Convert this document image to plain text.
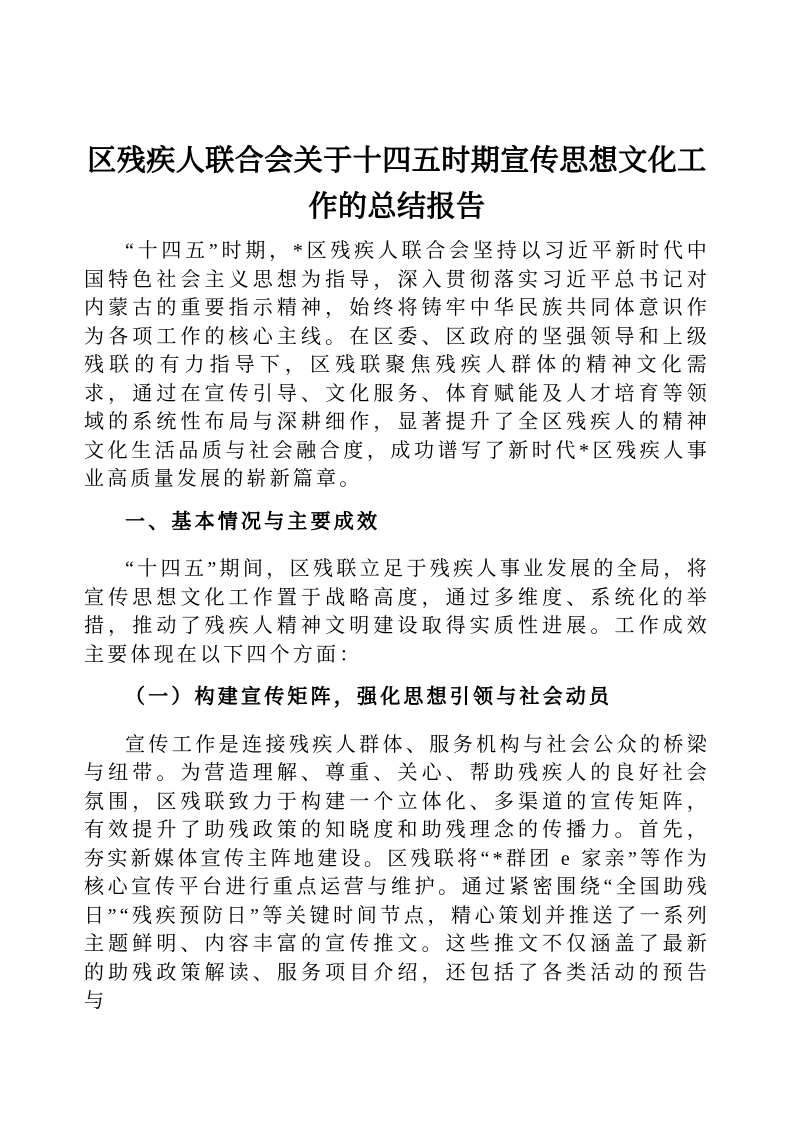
区残疾人联合会关于十四五时期宣传思想文化工作的总结报告

“十四五”时期，*区残疾人联合会坚持以习近平新时代中国特色社会主义思想为指导，深入贯彻落实习近平总书记对内蒙古的重要指示精神，始终将铸牢中华民族共同体意识作为各项工作的核心主线。在区委、区政府的坚强领导和上级残联的有力指导下，区残联聚焦残疾人群体的精神文化需求，通过在宣传引导、文化服务、体育赋能及人才培育等领域的系统性布局与深耕细作，显著提升了全区残疾人的精神文化生活品质与社会融合度，成功谱写了新时代*区残疾人事业高质量发展的崭新篇章。

一、基本情况与主要成效

“十四五”期间，区残联立足于残疾人事业发展的全局，将宣传思想文化工作置于战略高度，通过多维度、系统化的举措，推动了残疾人精神文明建设取得实质性进展。工作成效主要体现在以下四个方面：

（一）构建宣传矩阵，强化思想引领与社会动员

宣传工作是连接残疾人群体、服务机构与社会公众的桥梁与纽带。为营造理解、尊重、关心、帮助残疾人的良好社会氛围，区残联致力于构建一个立体化、多渠道的宣传矩阵，有效提升了助残政策的知晓度和助残理念的传播力。首先，夯实新媒体宣传主阵地建设。区残联将“*群团 e 家亲”等作为核心宣传平台进行重点运营与维护。通过紧密围绕“全国助残日”“残疾预防日”等关键时间节点，精心策划并推送了一系列主题鲜明、内容丰富的宣传推文。这些推文不仅涵盖了最新的助残政策解读、服务项目介绍，还包括了各类活动的预告与
